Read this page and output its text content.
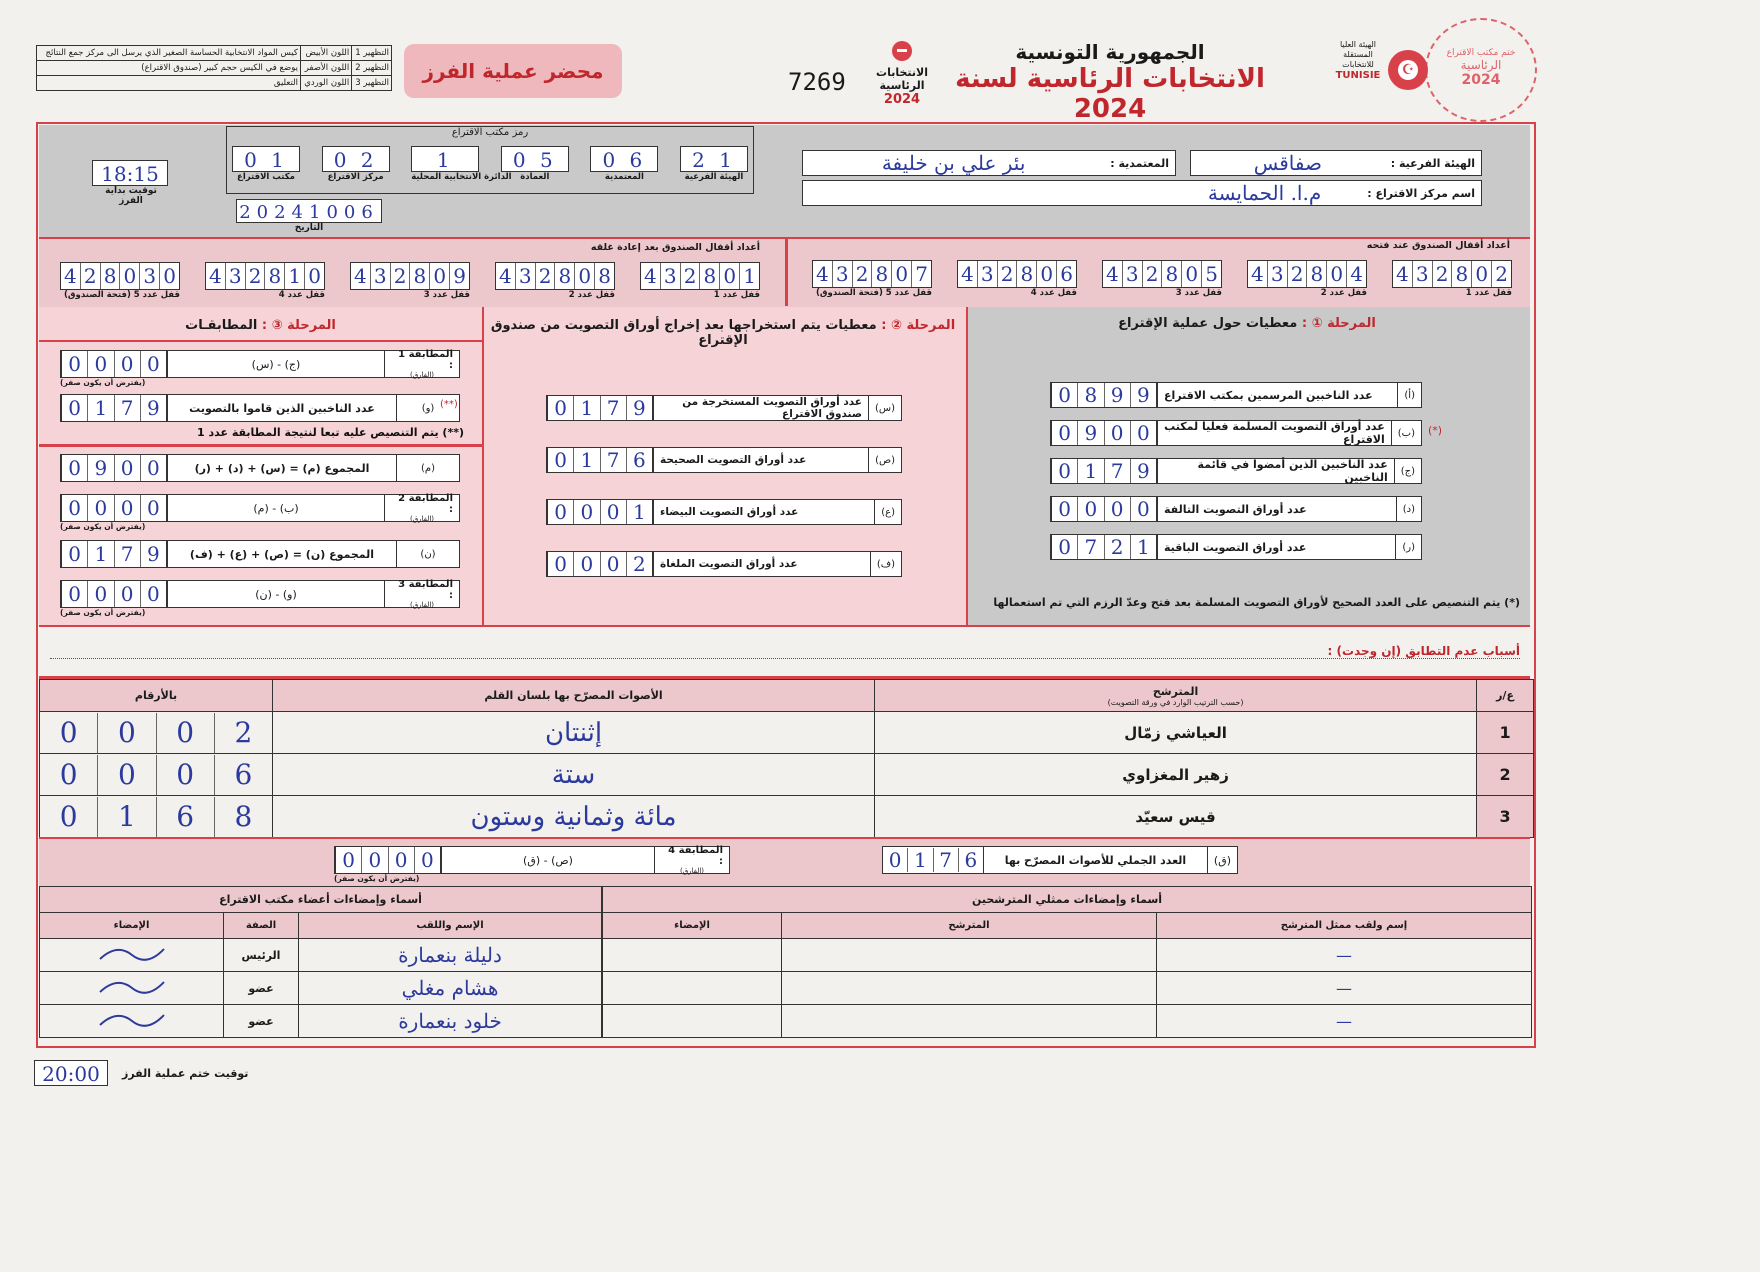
التظهير 1	اللون الأبيض	كيس المواد الانتخابية الحساسة الصغير الذي يرسل الى مركز جمع النتائج
التظهير 2	اللون الأصفر	يوضع في الكيس حجم كبير (صندوق الاقتراع)
التظهير 3	اللون الوردي	التعليق	محضر عملية الفرز	7269	الانتخابات
الرئاسية
2024
الجمهورية التونسية
الانتخابات الرئاسية لسنة 2024
الهيئة العليا المستقلة للانتخابات
TUNISIE	☪
ختم مكتب الاقتراع
الرئاسية
2024
رمز مكتب الاقتراع
0 1
مكتب الاقتراع
0 2
مركز الاقتراع
1
الدائرة الانتخابية المحلية
0 5
العمادة
0 6
المعتمدية
2 1
الهيئة الفرعية
18:15
توقيت بداية الفرز
20241006
التاريخ
الهيئة الفرعية :
صفاقس
المعتمدية :
بئر علي بن خليفة
اسم مركز الاقتراع :
م.ا. الحمايسة
أعداد أقفال الصندوق بعد إعادة غلقه	أعداد أقفال الصندوق عند فتحه
4 3 2 8 0 1
قفل عدد 1
4 3 2 8 0 8
قفل عدد 2
4 3 2 8 0 9
قفل عدد 3
4 3 2 8 1 0
قفل عدد 4
4 2 8 0 3 0
قفل عدد 5 (فتحة الصندوق)
4 3 2 8 0 2
قفل عدد 1
4 3 2 8 0 4
قفل عدد 2
4 3 2 8 0 5
قفل عدد 3
4 3 2 8 0 6
قفل عدد 4
4 3 2 8 0 7
قفل عدد 5 (فتحة الصندوق)
المرحلة ① : معطيات حول عملية الإقتراع
(أ)
عدد الناخبين المرسمين بمكتب الاقتراع
0 8 9 9
(ب)
عدد أوراق التصويت المسلمة فعليا لمكتب الاقتراع
0 9 0 0	(*)
(ج)
عدد الناخبين الذين أمضوا في قائمة الناخبين
0 1 7 9
(د)
عدد أوراق التصويت التالفة
0 0 0 0
(ر)
عدد أوراق التصويت الباقية
0 7 2 1
(*) يتم التنصيص على العدد الصحيح لأوراق التصويت المسلمة بعد فتح وعدّ الرزم التي تم استعمالها
المرحلة ② : معطيات يتم استخراجها بعد إخراج أوراق التصويت من صندوق الإقتراع
(س)
عدد أوراق التصويت المستخرجة من صندوق الاقتراع
0 1 7 9
(ص)
عدد أوراق التصويت الصحيحة
0 1 7 6
(ع)
عدد أوراق التصويت البيضاء
0 0 0 1
(ف)
عدد أوراق التصويت الملغاة
0 0 0 2
المرحلة ③ : المطابقـات
المطابقة 1 :
(الفارق)
(ج) - (س)
0 0 0 0
(يفترض أن يكون صفر)
(و)
عدد الناخبين الذين قاموا بالتصويت
0 1 7 9	(**)
(**) يتم التنصيص عليه تبعا لنتيجة المطابقة عدد 1
(م)
المجموع (م) = (س) + (د) + (ر)
0 9 0 0
المطابقة 2 :
(الفارق)
(ب) - (م)
0 0 0 0
(يفترض أن يكون صفر)
(ن)
المجموع (ن) = (ص) + (ع) + (ف)
0 1 7 9
المطابقة 3 :
(الفارق)
(و) - (ن)
0 0 0 0
(يفترض أن يكون صفر)
أسباب عدم التطابق (إن وجدت) :
ع/ر	المترشح
(حسب الترتيب الوارد في ورقة التصويت)	الأصوات المصرّح بها بلسان القلم	بالأرقام
1	العياشي زمّال	إثنتان	0 0 0 2

2	زهير المغزاوي	ستة	0 0 0 6

3	قيس سعيّد	مائة وثمانية وستون	0 1 6 8
(ق)
العدد الجملي للأصوات المصرّح بها
0 1 7 6
المطابقة 4 :
(الفارق)
(ص) - (ق)
0 0 0 0
(يفترض أن يكون صفر)
أسماء وإمضاءات ممثلي المترشحين		
إسم ولقب ممثل المترشح	المترشح	الإمضاء
—		
—		
—		
أسماء وإمضاءات أعضاء مكتب الاقتراع		
الإسم واللقب	الصفة	الإمضاء
دليلة بنعمارة	الرئيس	
هشام مغلي	عضو	
خلود بنعمارة	عضو	
20:00	توقيت ختم عملية الفرز
